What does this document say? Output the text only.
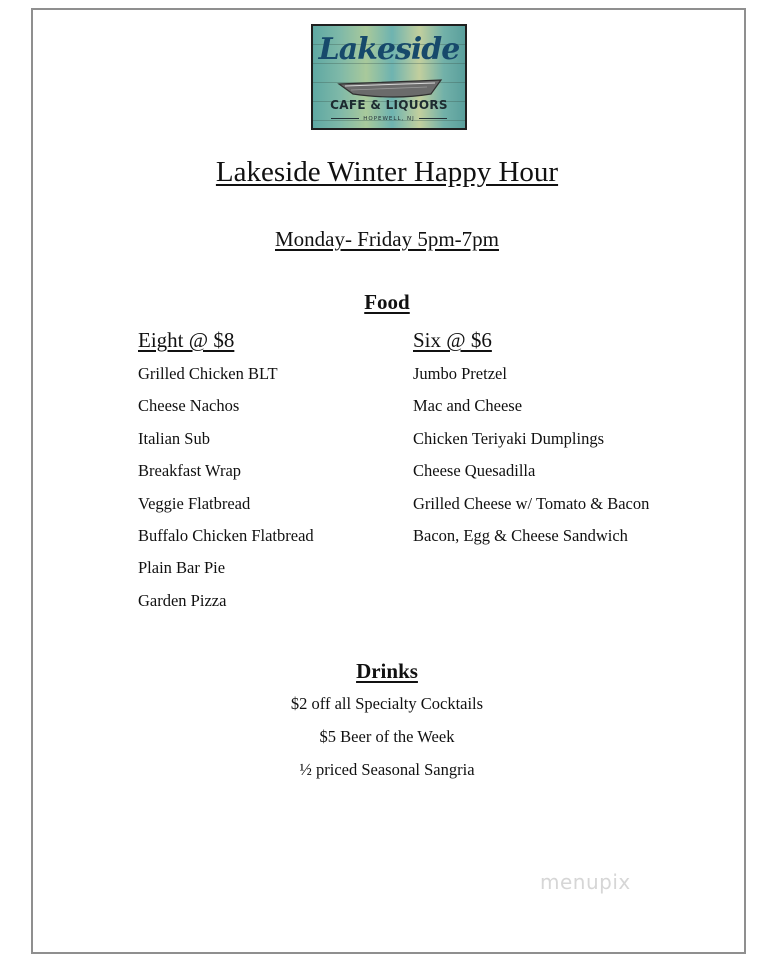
Lakeside
CAFE & LIQUORS
HOPEWELL, NJ
Lakeside Winter Happy Hour
Monday- Friday 5pm-7pm
Food
Eight @ $8
Grilled Chicken BLT
Cheese Nachos
Italian Sub
Breakfast Wrap
Veggie Flatbread
Buffalo Chicken Flatbread
Plain Bar Pie
Garden Pizza
Six @ $6
Jumbo Pretzel
Mac and Cheese
Chicken Teriyaki Dumplings
Cheese Quesadilla
Grilled Cheese w/ Tomato & Bacon
Bacon, Egg & Cheese Sandwich
Drinks
$2 off all Specialty Cocktails
$5 Beer of the Week
½ priced Seasonal Sangria
menupix
